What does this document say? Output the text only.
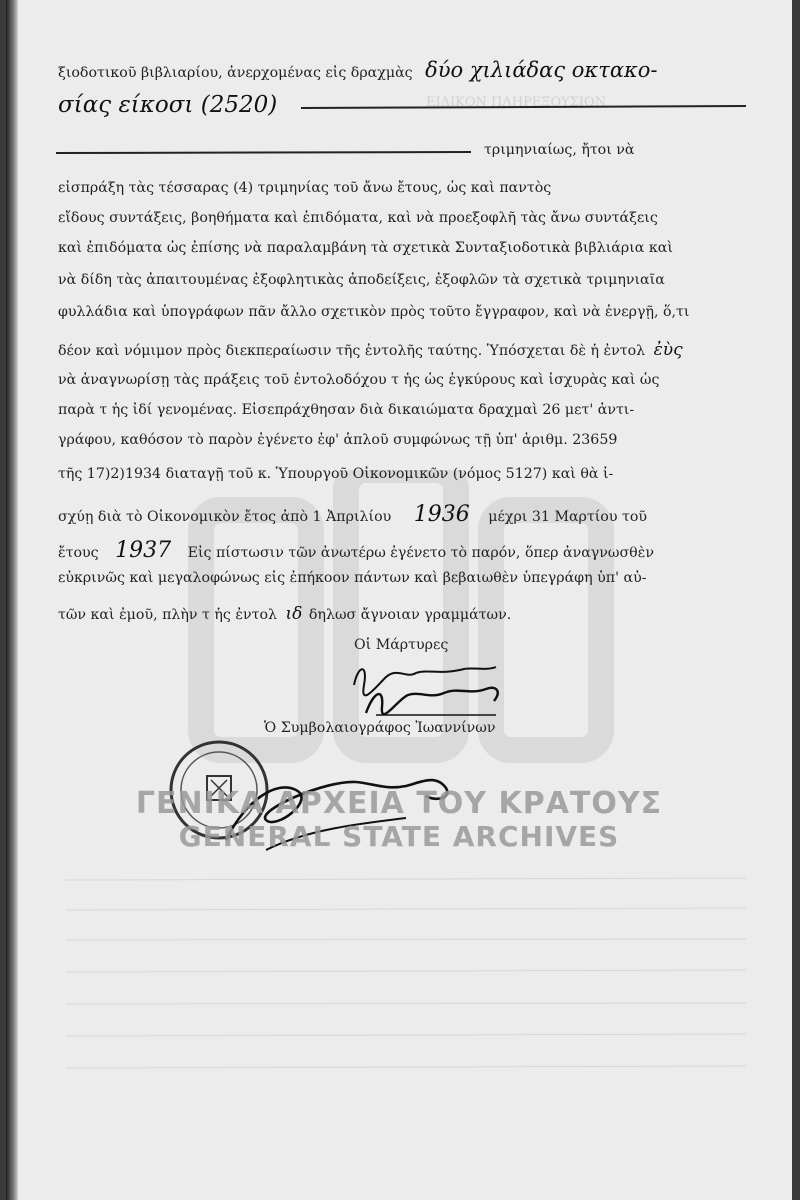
ΕΙΔΙΚΟΝ ΠΛΗΡΕΞΟΥΣΙΟΝ
ξιοδοτικοῦ βιβλιαρίου, ἀνερχομένας εἰς δραχμὰς δύο χιλιάδας οκτακο-
σίας είκοσι (2520)
τριμηνιαίως, ἤτοι νὰ
εἰσπράξη τὰς τέσσαρας (4) τριμηνίας τοῦ ἄνω ἔτους, ὡς καὶ παντὸς
εἴδους συντάξεις, βοηθήματα καὶ ἐπιδόματα, καὶ νὰ προεξοφλῆ τὰς ἄνω συντάξεις
καὶ ἐπιδόματα ὡς ἐπίσης νὰ παραλαμβάνη τὰ σχετικὰ Συνταξιοδοτικὰ βιβλιάρια καὶ
νὰ δίδη τὰς ἀπαιτουμένας ἐξοφλητικὰς ἀποδείξεις, ἐξοφλῶν τὰ σχετικὰ τριμηνιαῖα
φυλλάδια καὶ ὑπογράφων πᾶν ἄλλο σχετικὸν πρὸς τοῦτο ἔγγραφον, καὶ νὰ ἐνεργῇ, ὅ,τι
δέον καὶ νόμιμον πρὸς διεκπεραίωσιν τῆς ἐντολῆς ταύτης. Ὑπόσχεται δὲ ἡ ἐντολ ἐὺς
νὰ ἀναγνωρίσῃ τὰς πράξεις τοῦ ἐντολοδόχου τ ἡς ὡς ἐγκύρους καὶ ἰσχυρὰς καὶ ὡς
παρὰ τ ἡς ἰδί γενομένας. Εἰσεπράχθησαν διὰ δικαιώματα δραχμαὶ 26 μετ' ἀντι-
γράφου, καθόσον τὸ παρὸν ἐγένετο ἐφ' ἁπλοῦ συμφώνως τῇ ὑπ' ἀριθμ. 23659
τῆς 17)2)1934 διαταγῇ τοῦ κ. Ὑπουργοῦ Οἰκονομικῶν (νόμος 5127) καὶ θὰ ἰ-
σχύῃ διὰ τὸ Οἰκονομικὸν ἔτος ἀπὸ 1 Ἀπριλίου 1936 μέχρι 31 Μαρτίου τοῦ
ἔτους 1937 Εἰς πίστωσιν τῶν ἀνωτέρω ἐγένετο τὸ παρόν, ὅπερ ἀναγνωσθὲν
εὐκρινῶς καὶ μεγαλοφώνως εἰς ἐπήκοον πάντων καὶ βεβαιωθὲν ὑπεγράφη ὑπ' αὐ-
τῶν καὶ ἐμοῦ, πλὴν τ ἡς ἐντολ ιδ δηλωσ ἄγνοιαν γραμμάτων.
Οἱ Μάρτυρες
Ὁ Συμβολαιογράφος Ἰωαννίνων
ΓΕΝΙΚΑ ΑΡΧΕΙΑ ΤΟΥ ΚΡΑΤΟΥΣ
GENERAL STATE ARCHIVES
